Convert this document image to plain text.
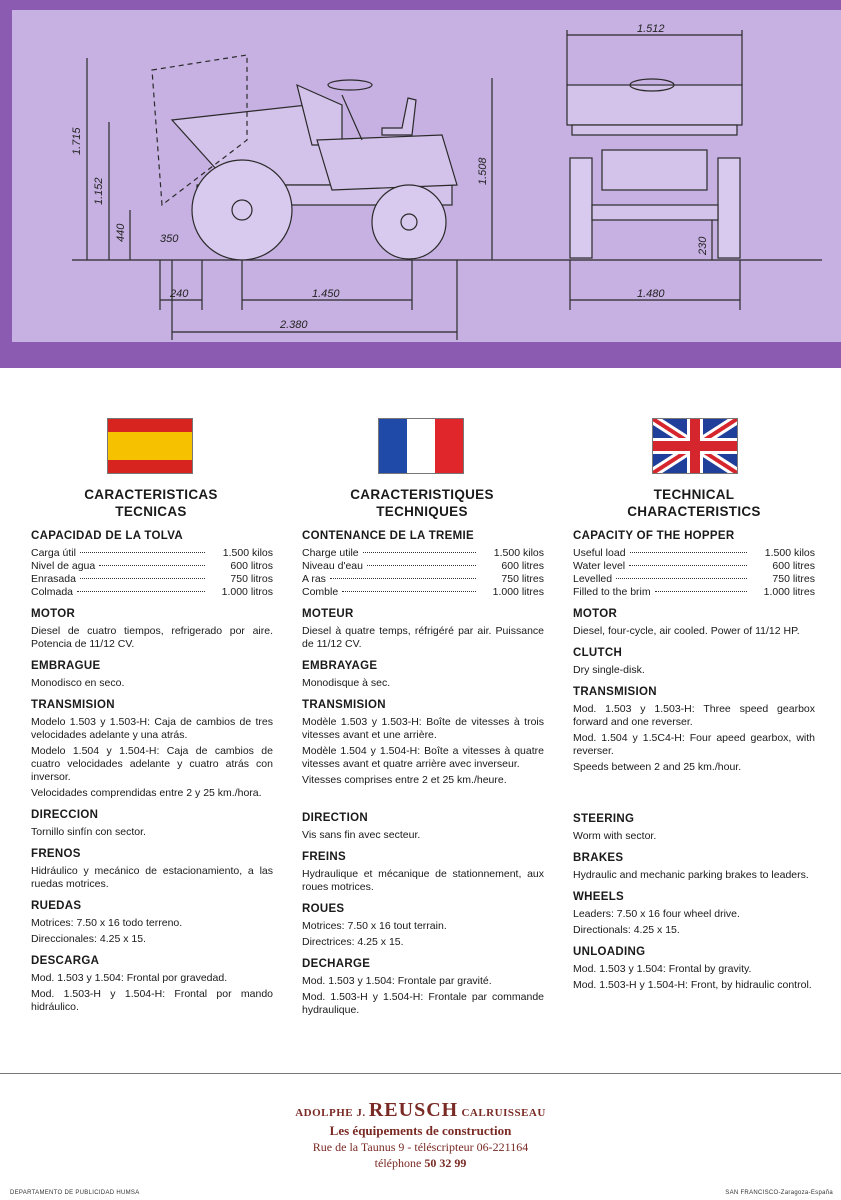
1.715
1.152
440	350
1.508
240	1.450
2.380
1.512
230
1.480
CARACTERISTICAS
TECNICAS
CARACTERISTIQUES
TECHNIQUES
TECHNICAL
CHARACTERISTICS
CAPACIDAD DE LA TOLVA
Carga útil	1.500 kilos
Nivel de agua	600 litros
Enrasada	750 litros
Colmada	1.000 litros
MOTOR

Diesel de cuatro tiempos, refrigerado por aire. Potencia de 11/12 CV.

EMBRAGUE

Monodisco en seco.

TRANSMISION

Modelo 1.503 y 1.503-H: Caja de cambios de tres velocidades adelante y una atrás.

Modelo 1.504 y 1.504-H: Caja de cambios de cuatro velocidades adelante y cuatro atrás con inversor.

Velocidades comprendidas entre 2 y 25 km./hora.

DIRECCION

Tornillo sinfín con sector.

FRENOS

Hidráulico y mecánico de estacionamiento, a las ruedas motrices.

RUEDAS

Motrices: 7.50 x 16 todo terreno.

Direccionales: 4.25 x 15.

DESCARGA

Mod. 1.503 y 1.504: Frontal por gravedad.

Mod. 1.503-H y 1.504-H: Frontal por mando hidráulico.

CONTENANCE DE LA TREMIE
Charge utile	1.500 kilos
Niveau d'eau	600 litres
A ras	750 litres
Comble	1.000 litres
MOTEUR

Diesel à quatre temps, réfrigéré par air. Puissance de 11/12 CV.

EMBRAYAGE

Monodisque à sec.

TRANSMISION

Modèle 1.503 y 1.503-H: Boîte de vitesses à trois vitesses avant et une arrière.

Modèle 1.504 y 1.504-H: Boîte a vitesses à quatre vitesses avant et quatre arrière avec inverseur.

Vitesses comprises entre 2 et 25 km./heure.

DIRECTION

Vis sans fin avec secteur.

FREINS

Hydraulique et mécanique de stationnement, aux roues motrices.

ROUES

Motrices: 7.50 x 16 tout terrain.

Directrices: 4.25 x 15.

DECHARGE

Mod. 1.503 y 1.504: Frontale par gravité.

Mod. 1.503-H y 1.504-H: Frontale par commande hydraulique.

CAPACITY OF THE HOPPER
Useful load	1.500 kilos
Water level	600 litres
Levelled	750 litres
Filled to the brim	1.000 litres
MOTOR

Diesel, four-cycle, air cooled. Power of 11/12 HP.

CLUTCH

Dry single-disk.

TRANSMISION

Mod. 1.503 y 1.503-H: Three speed gearbox forward and one reverser.

Mod. 1.504 y 1.5C4-H: Four apeed gearbox, with reverser.

Speeds between 2 and 25 km./hour.

STEERING

Worm with sector.

BRAKES

Hydraulic and mechanic parking brakes to leaders.

WHEELS

Leaders: 7.50 x 16 four wheel drive.

Directionals: 4.25 x 15.

UNLOADING

Mod. 1.503 y 1.504: Frontal by gravity.

Mod. 1.503-H y 1.504-H: Front, by hidraulic control.

ADOLPHE J. REUSCH CALRUISSEAU
Les équipements de construction
Rue de la Taunus 9 - téléscripteur 06-221164
téléphone 50 32 99
DEPARTAMENTO DE PUBLICIDAD HUMSA	SAN FRANCISCO-Zaragoza-España
